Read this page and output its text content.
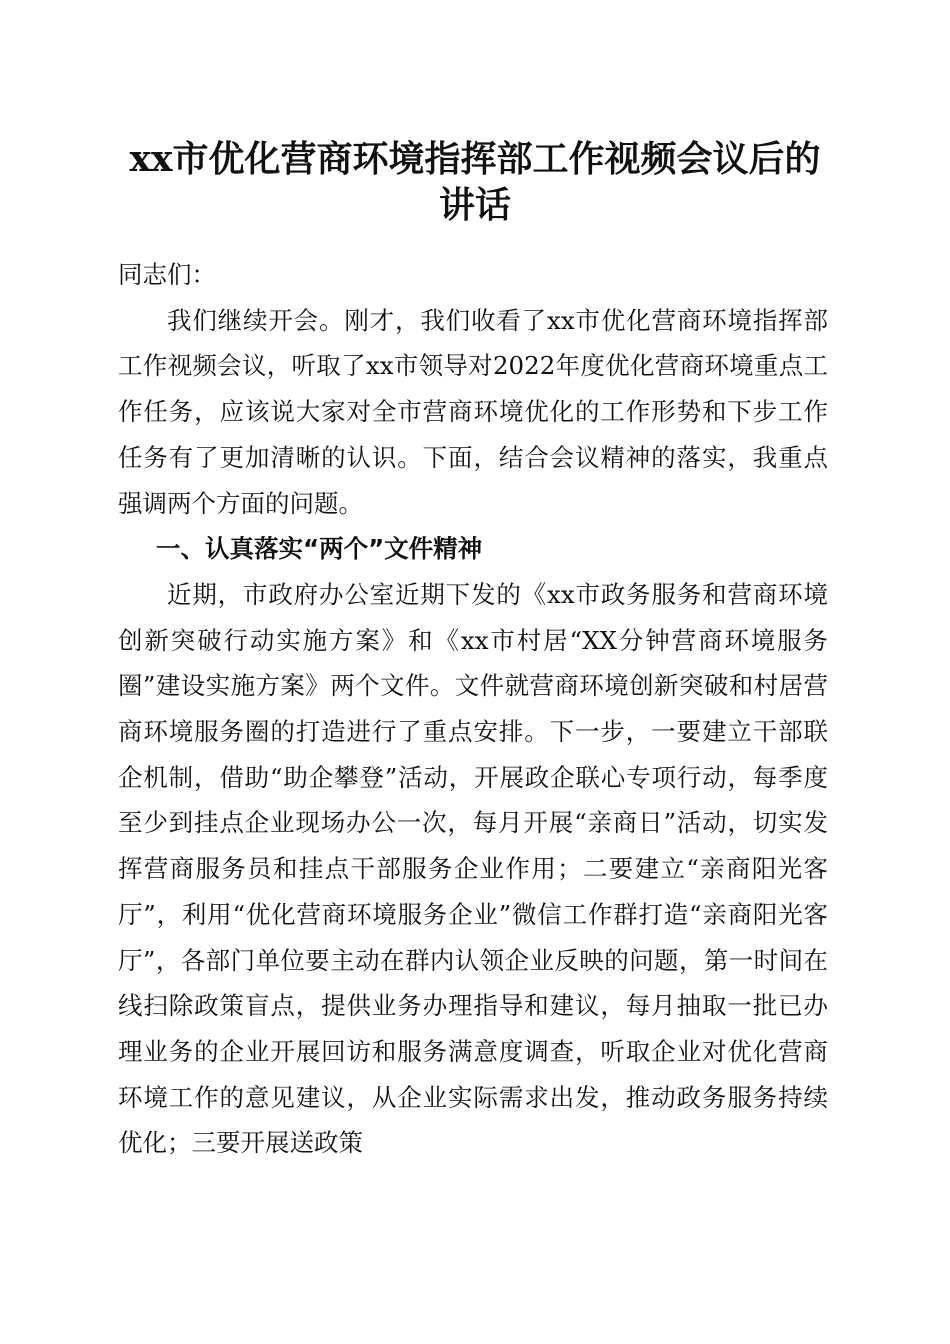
xx市优化营商环境指挥部工作视频会议后的
讲话

同志们：

我们继续开会。刚才，我们收看了xx市优化营商环境指挥部工作视频会议，听取了xx市领导对2022年度优化营商环境重点工作任务，应该说大家对全市营商环境优化的工作形势和下步工作任务有了更加清晰的认识。下面，结合会议精神的落实，我重点强调两个方面的问题。

一、认真落实“两个”文件精神

近期，市政府办公室近期下发的《xx市政务服务和营商环境创新突破行动实施方案》和《xx市村居“XX分钟营商环境服务圈”建设实施方案》两个文件。文件就营商环境创新突破和村居营商环境服务圈的打造进行了重点安排。下一步，一要建立干部联企机制，借助“助企攀登”活动，开展政企联心专项行动，每季度至少到挂点企业现场办公一次，每月开展“亲商日”活动，切实发挥营商服务员和挂点干部服务企业作用；二要建立“亲商阳光客厅”，利用“优化营商环境服务企业”微信工作群打造“亲商阳光客厅”，各部门单位要主动在群内认领企业反映的问题，第一时间在线扫除政策盲点，提供业务办理指导和建议，每月抽取一批已办理业务的企业开展回访和服务满意度调查，听取企业对优化营商环境工作的意见建议，从企业实际需求出发，推动政务服务持续优化；三要开展送政策
